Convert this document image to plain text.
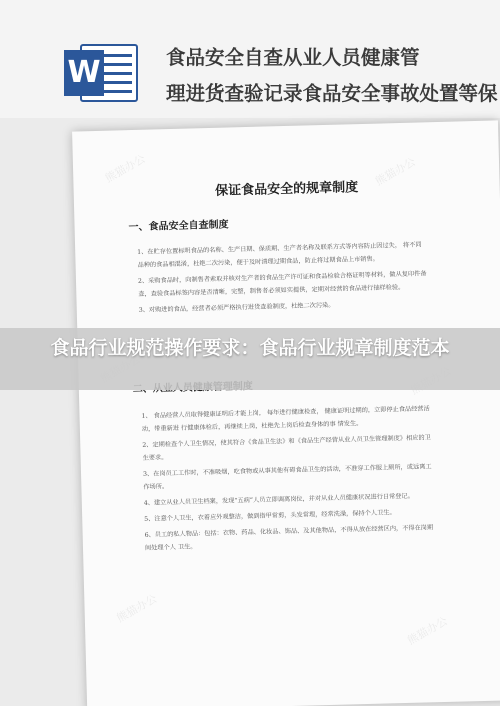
W	食品安全自查从业人员健康管
理进货查验记录食品安全事故处置等保
熊猫办公	熊猫办公
熊猫办公
熊猫办公
保证食品安全的规章制度
一、食品安全自查制度

1、在贮存位置标明食品的名称、生产日期、保质期、生产者名称及联系方式等内容防止因过失， 将不同品种的食品相混淆，杜绝二次污染，便于及时清理过期食品，防止将过期食品上市销售。

2、采购食品时，向制售者索取并核对生产者的食品生产许可证和食品检验合格证明等材料，做从复印件备查，查验食品标签内容是否清晰，完整，制售者必须如实提供，定期对经营的食品进行抽样检验。

3、对购进的食品，经营者必须严格执行进货查验制度，杜绝二次污染。

1、 食品经营人员取得健康证明后才能上岗， 每年进行健康检查， 健康证明过期的，立即停止食品经营活动，带重新进 行健康体检后，再继续上岗，杜绝先上岗后检查身体的事 情发生。

2、定期检查个人卫生情况，使其符合《食品卫生法》和《食品生产经营从业人员卫生管理制度》相应的卫生要求。

3、在岗员工工作时，不准吸烟，吃食物或从事其他有碍食品卫生的活动，不准穿工作服上厕所，或远离工作场所。

4、建立从业人员卫生档案，发现“五病”人员立即调离岗位，并对从业人员健康状况进行日常登记。

5、注意个人卫生，衣着应外观整洁，做到指甲常剪，头发常理，经常洗澡，保持个人卫生。

6、员工的私人物品：包括：衣物、药品、化妆品、饰品、及其他物品，不得从放在经营区内，不得在岗期间处理个人 卫生。

食品行业规范操作要求：食品行业规章制度范本
